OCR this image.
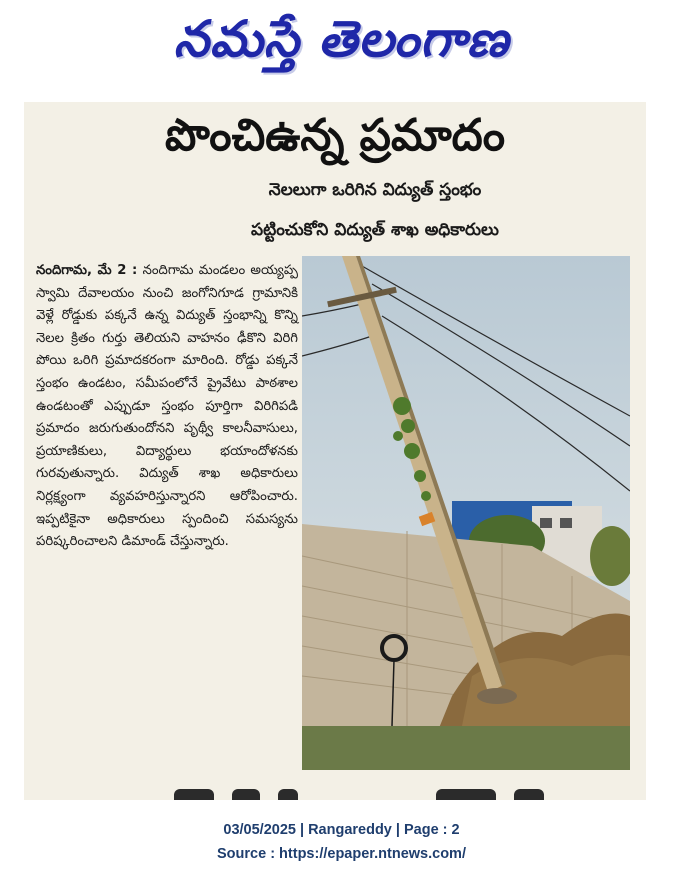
నమస్తే తెలంగాణ
పొంచిఉన్న ప్రమాదం
నెలలుగా ఒరిగిన విద్యుత్ స్తంభం
పట్టించుకోని విద్యుత్ శాఖ అధికారులు
నందిగామ, మే 2 : నందిగామ మండలం అయ్యప్ప స్వామి దేవాలయం నుంచి జంగోనిగూడ గ్రామానికి వెళ్లే రోడ్డుకు పక్కనే ఉన్న విద్యుత్ స్తంభాన్ని కొన్ని నెలల క్రితం గుర్తు తెలియని వాహనం ఢీకొని విరిగి పోయి ఒరిగి ప్రమాదకరంగా మారింది. రోడ్డు పక్కనే స్తంభం ఉండటం, సమీపంలోనే ప్రైవేటు పాఠశాల ఉండటంతో ఎప్పుడూ స్తంభం పూర్తిగా విరిగిపడి ప్రమాదం జరుగుతుందోనని పృథ్వీ కాలనీవాసులు, ప్రయాణికులు, విద్యార్థులు భయాందోళనకు గురవుతున్నారు. విద్యుత్ శాఖ అధికారులు నిర్లక్ష్యంగా వ్యవహరిస్తున్నారని ఆరోపించారు. ఇప్పటికైనా అధికారులు స్పందించి సమస్యను పరిష్కరించాలని డిమాండ్ చేస్తున్నారు.
03/05/2025 | Rangareddy | Page : 2
Source : https://epaper.ntnews.com/
